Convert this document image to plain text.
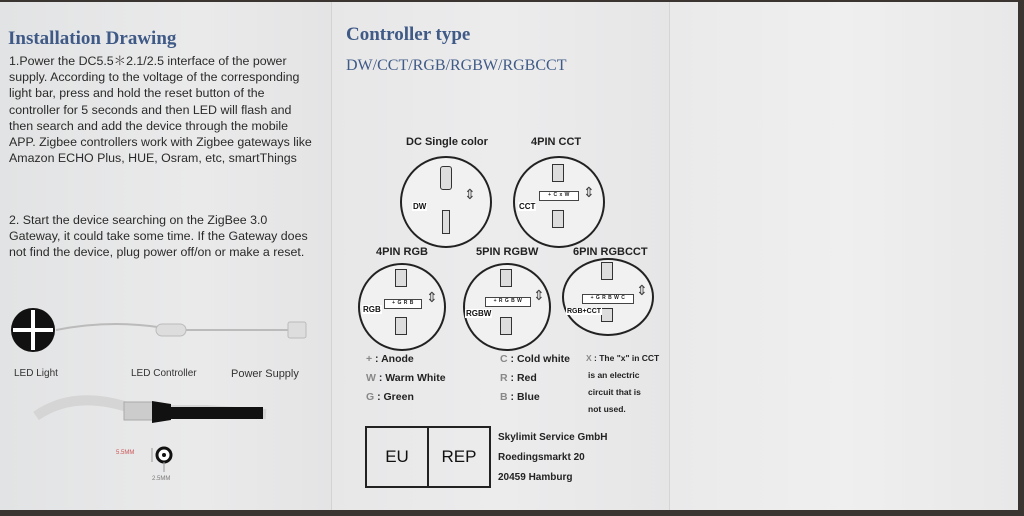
Installation Drawing
1.Power the DC5.5＊2.1/2.5 interface of the power supply. According to the voltage of the corresponding light bar, press and hold the reset button of the controller for 5 seconds and then LED will flash and then search and add the device through the mobile APP. Zigbee controllers work with Zigbee gateways like Amazon ECHO Plus, HUE, Osram, etc, smartThings
2. Start the device searching on the ZigBee 3.0 Gateway, it could take some time. If the Gateway does not find the device, plug power off/on or make a reset.
LED Light	LED Controller	Power Supply
5.5MM
2.5MM
Controller type
DW/CCT/RGB/RGBW/RGBCCT
DC Single color
DW
⇕
4PIN CCT
+ C x W
CCT
⇕
4PIN RGB
+ G R B
RGB
⇕
5PIN RGBW
+ R G B W
RGBW
⇕
6PIN RGBCCT
+ G R B W C
RGB+CCT
⇕
+ : Anode
W : Warm White
G : Green
C : Cold white
R : Red
B : Blue
X : The "x" in CCT
is an electric
circuit that is
not used.
EU	REP
Skylimit Service GmbH
Roedingsmarkt 20
20459 Hamburg
